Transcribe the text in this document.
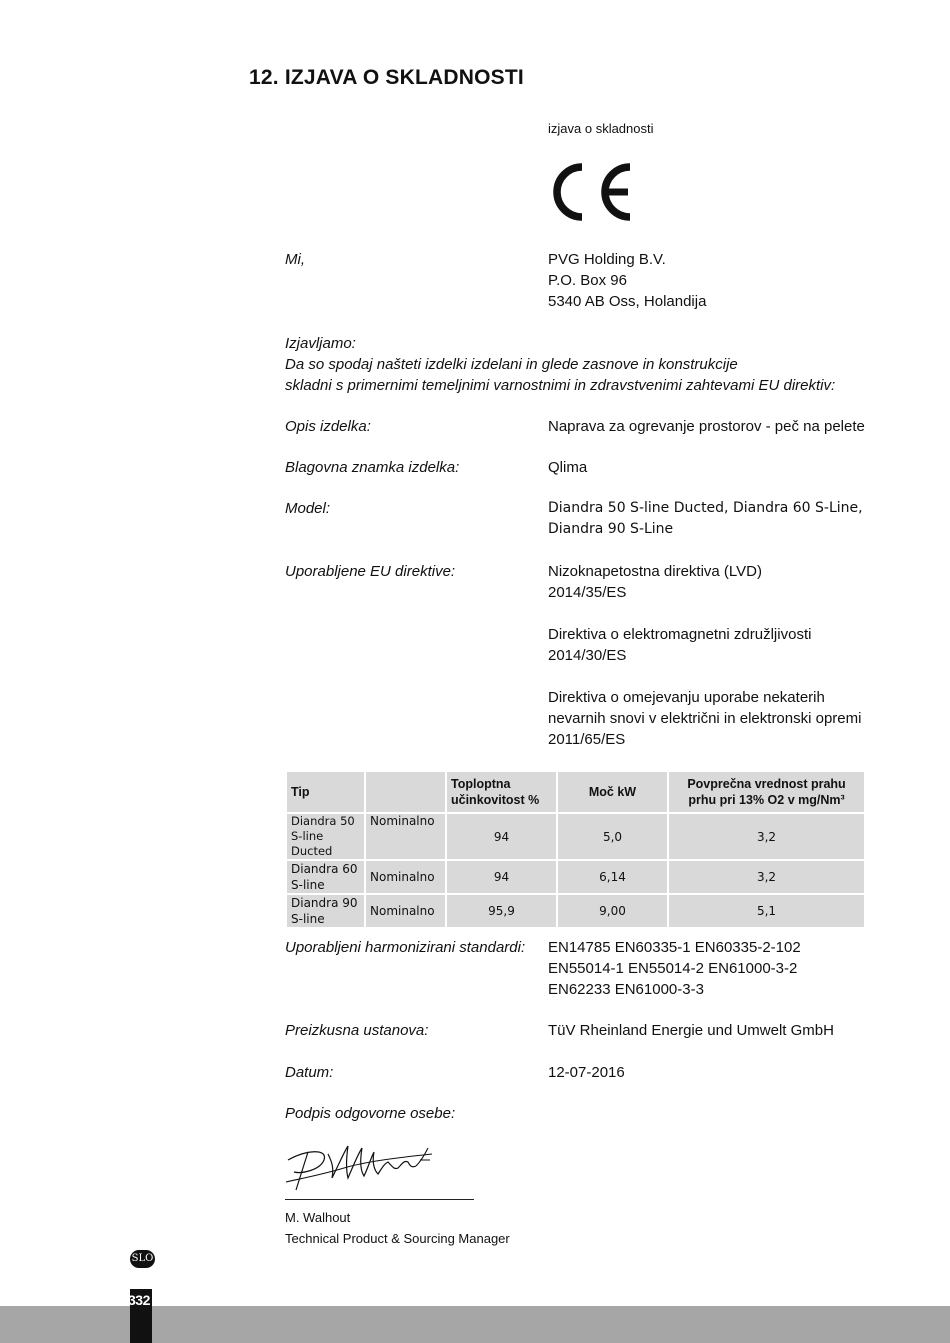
12. IZJAVA O SKLADNOSTI
izjava o skladnosti
Mi,	PVG Holding B.V.
P.O. Box 96
5340 AB Oss, Holandija
Izjavljamo:
Da so spodaj našteti izdelki izdelani in glede zasnove in konstrukcije
skladni s primernimi temeljnimi varnostnimi in zdravstvenimi zahtevami EU direktiv:
Opis izdelka:	Naprava za ogrevanje prostorov - peč na pelete
Blagovna znamka izdelka:	Qlima
Model:	Diandra 50 S-line Ducted, Diandra 60 S-Line,
Diandra 90 S-Line
Uporabljene EU direktive:	Nizoknapetostna direktiva (LVD)
2014/35/ES
Direktiva o elektromagnetni združljivosti
2014/30/ES
Direktiva o omejevanju uporabe nekaterih
nevarnih snovi v električni in elektronski opremi
2011/65/ES
Tip		Toploptna učinkovitost %	Moč kW	Povprečna vrednost prahu prhu pri 13% O2 v mg/Nm³
Diandra 50 S-line Ducted	Nominalno	94	5,0	3,2
Diandra 60 S-line	Nominalno	94	6,14	3,2
Diandra 90 S-line	Nominalno	95,9	9,00	5,1
Uporabljeni harmonizirani standardi: EN14785 EN60335-1 EN60335-2-102
EN55014-1 EN55014-2 EN61000-3-2
EN62233 EN61000-3-3
Preizkusna ustanova:	TüV Rheinland Energie und Umwelt GmbH
Datum:	12-07-2016
Podpis odgovorne osebe:
M. Walhout
Technical Product & Sourcing Manager
SLO
332
